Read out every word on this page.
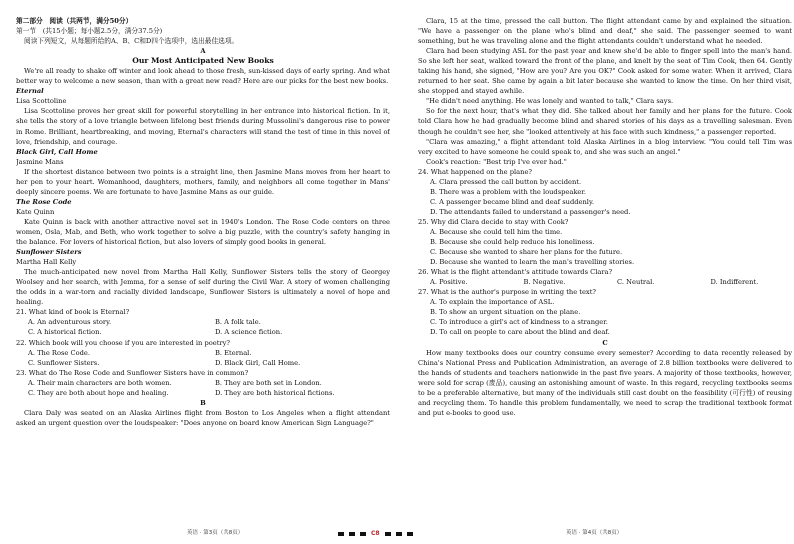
第二部分　阅读（共两节，满分50分）

第一节　(共15小题；每小题2.5分，满分37.5分)

阅读下列短文，从每题所给的A、B、C和D四个选项中，选出最佳选项。

A

Our Most Anticipated New Books

We're all ready to shake off winter and look ahead to those fresh, sun-kissed days of early spring. And what better way to welcome a new season, than with a great new read? Here are our picks for the best new books.

Eternal

Lisa Scottoline

Lisa Scottoline proves her great skill for powerful storytelling in her entrance into historical fiction. In it, she tells the story of a love triangle between lifelong best friends during Mussolini's dangerous rise to power in Rome. Brilliant, heartbreaking, and moving, Eternal's characters will stand the test of time in this novel of love, friendship, and courage.

Black Girl, Call Home

Jasmine Mans

If the shortest distance between two points is a straight line, then Jasmine Mans moves from her heart to her pen to your heart. Womanhood, daughters, mothers, family, and neighbors all come together in Mans' deeply sincere poems. We are fortunate to have Jasmine Mans as our guide.

The Rose Code

Kate Quinn

Kate Quinn is back with another attractive novel set in 1940's London. The Rose Code centers on three women, Osla, Mab, and Beth, who work together to solve a big puzzle, with the country's safety hanging in the balance. For lovers of historical fiction, but also lovers of simply good books in general.

Sunflower Sisters

Martha Hall Kelly

The much-anticipated new novel from Martha Hall Kelly, Sunflower Sisters tells the story of Georgey Woolsey and her search, with Jemma, for a sense of self during the Civil War. A story of women challenging the odds in a war-torn and racially divided landscape, Sunflower Sisters is ultimately a novel of hope and healing.

21. What kind of book is Eternal?

A. An adventurous story.	B. A folk tale.
C. A historical fiction.	D. A science fiction.

22. Which book will you choose if you are interested in poetry?

A. The Rose Code.	B. Eternal.
C. Sunflower Sisters.	D. Black Girl, Call Home.

23. What do The Rose Code and Sunflower Sisters have in common?

A. Their main characters are both women.	B. They are both set in London.
C. They are both about hope and healing.	D. They are both historical fictions.

B

Clara Daly was seated on an Alaska Airlines flight from Boston to Los Angeles when a flight attendant asked an urgent question over the loudspeaker: "Does anyone on board know American Sign Language?"

Clara, 15 at the time, pressed the call button. The flight attendant came by and explained the situation. "We have a passenger on the plane who's blind and deaf," she said. The passenger seemed to want something, but he was traveling alone and the flight attendants couldn't understand what he needed.

Clara had been studying ASL for the past year and knew she'd be able to finger spell into the man's hand. So she left her seat, walked toward the front of the plane, and knelt by the seat of Tim Cook, then 64. Gently taking his hand, she signed, "How are you? Are you OK?" Cook asked for some water. When it arrived, Clara returned to her seat. She came by again a bit later because she wanted to know the time. On her third visit, she stopped and stayed awhile.

"He didn't need anything. He was lonely and wanted to talk," Clara says.

So for the next hour, that's what they did. She talked about her family and her plans for the future. Cook told Clara how he had gradually become blind and shared stories of his days as a travelling salesman. Even though he couldn't see her, she "looked attentively at his face with such kindness," a passenger reported.

"Clara was amazing," a flight attendant told Alaska Airlines in a blog interview. "You could tell Tim was very excited to have someone he could speak to, and she was such an angel."

Cook's reaction: "Best trip I've ever had."

24. What happened on the plane?

A. Clara pressed the call button by accident.

B. There was a problem with the loudspeaker.

C. A passenger became blind and deaf suddenly.

D. The attendants failed to understand a passenger's need.

25. Why did Clara decide to stay with Cook?

A. Because she could tell him the time.

B. Because she could help reduce his loneliness.

C. Because she wanted to share her plans for the future.

D. Because she wanted to learn the man's travelling stories.

26. What is the flight attendant's attitude towards Clara?

A. Positive.	B. Negative.	C. Neutral.	D. Indifferent.

27. What is the author's purpose in writing the text?

A. To explain the importance of ASL.

B. To show an urgent situation on the plane.

C. To introduce a girl's act of kindness to a stranger.

D. To call on people to care about the blind and deaf.

C

How many textbooks does our country consume every semester? According to data recently released by China's National Press and Publication Administration, an average of 2.8 billion textbooks were delivered to the hands of students and teachers nationwide in the past five years. A majority of those textbooks, however, were sold for scrap (废品), causing an astonishing amount of waste. In this regard, recycling textbooks seems to be a preferable alternative, but many of the individuals still cast doubt on the feasibility (可行性) of reusing and recycling them. To handle this problem fundamentally, we need to scrap the traditional textbook format and put e-books to good use.

英语 · 第3页（共8页）	C8	英语 · 第4页（共8页）
